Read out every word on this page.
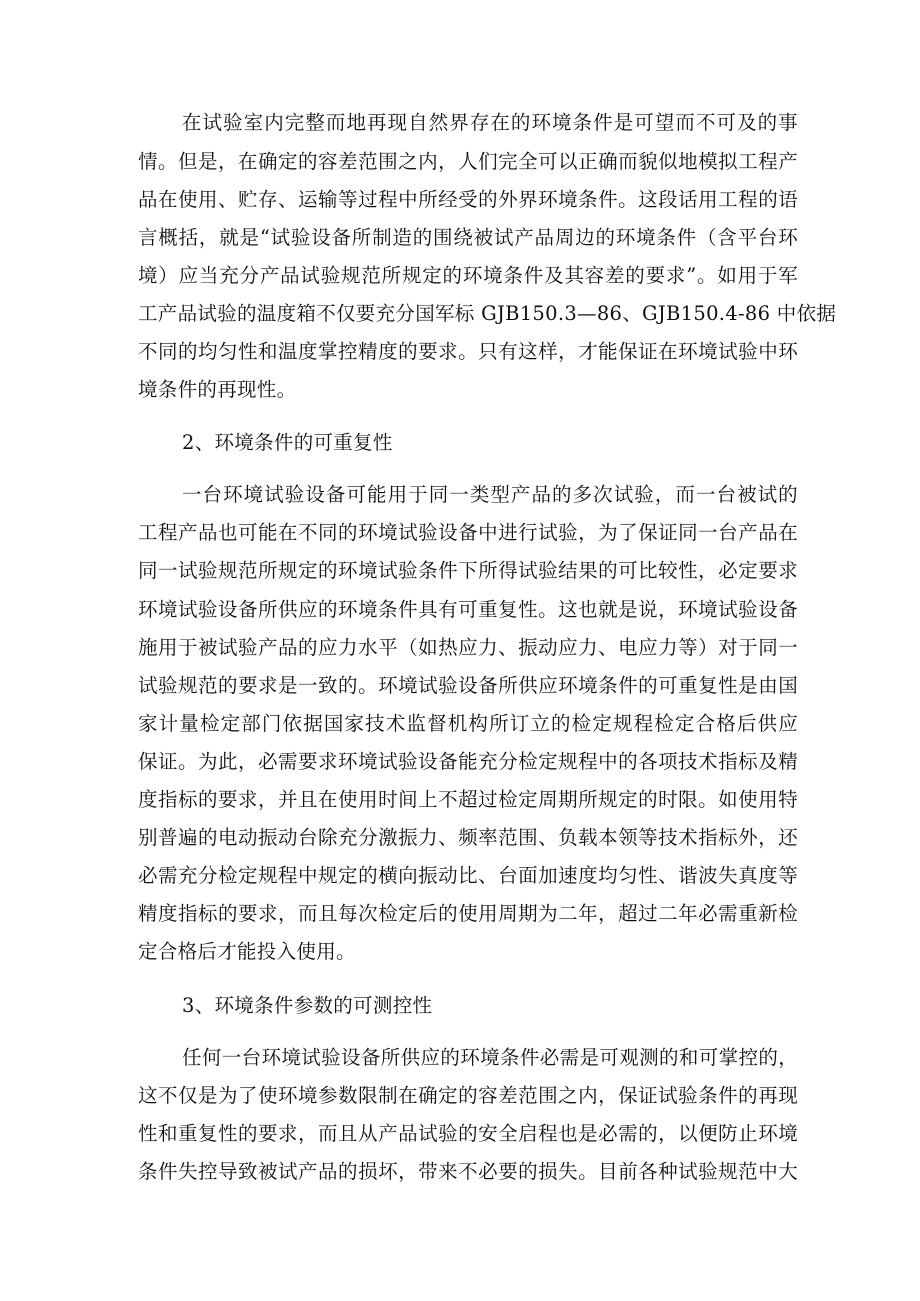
在试验室内完整而地再现自然界存在的环境条件是可望而不可及的事
情。但是，在确定的容差范围之内，人们完全可以正确而貌似地模拟工程产
品在使用、贮存、运输等过程中所经受的外界环境条件。这段话用工程的语
言概括，就是“试验设备所制造的围绕被试产品周边的环境条件（含平台环
境）应当充分产品试验规范所规定的环境条件及其容差的要求”。如用于军
工产品试验的温度箱不仅要充分国军标 GJB150.3—86、GJB150.4-86 中依据
不同的均匀性和温度掌控精度的要求。只有这样，才能保证在环境试验中环
境条件的再现性。
2、环境条件的可重复性
一台环境试验设备可能用于同一类型产品的多次试验，而一台被试的
工程产品也可能在不同的环境试验设备中进行试验，为了保证同一台产品在
同一试验规范所规定的环境试验条件下所得试验结果的可比较性，必定要求
环境试验设备所供应的环境条件具有可重复性。这也就是说，环境试验设备
施用于被试验产品的应力水平（如热应力、振动应力、电应力等）对于同一
试验规范的要求是一致的。环境试验设备所供应环境条件的可重复性是由国
家计量检定部门依据国家技术监督机构所订立的检定规程检定合格后供应
保证。为此，必需要求环境试验设备能充分检定规程中的各项技术指标及精
度指标的要求，并且在使用时间上不超过检定周期所规定的时限。如使用特
别普遍的电动振动台除充分激振力、频率范围、负载本领等技术指标外，还
必需充分检定规程中规定的横向振动比、台面加速度均匀性、谐波失真度等
精度指标的要求，而且每次检定后的使用周期为二年，超过二年必需重新检
定合格后才能投入使用。
3、环境条件参数的可测控性
任何一台环境试验设备所供应的环境条件必需是可观测的和可掌控的，
这不仅是为了使环境参数限制在确定的容差范围之内，保证试验条件的再现
性和重复性的要求，而且从产品试验的安全启程也是必需的，以便防止环境
条件失控导致被试产品的损坏，带来不必要的损失。目前各种试验规范中大
